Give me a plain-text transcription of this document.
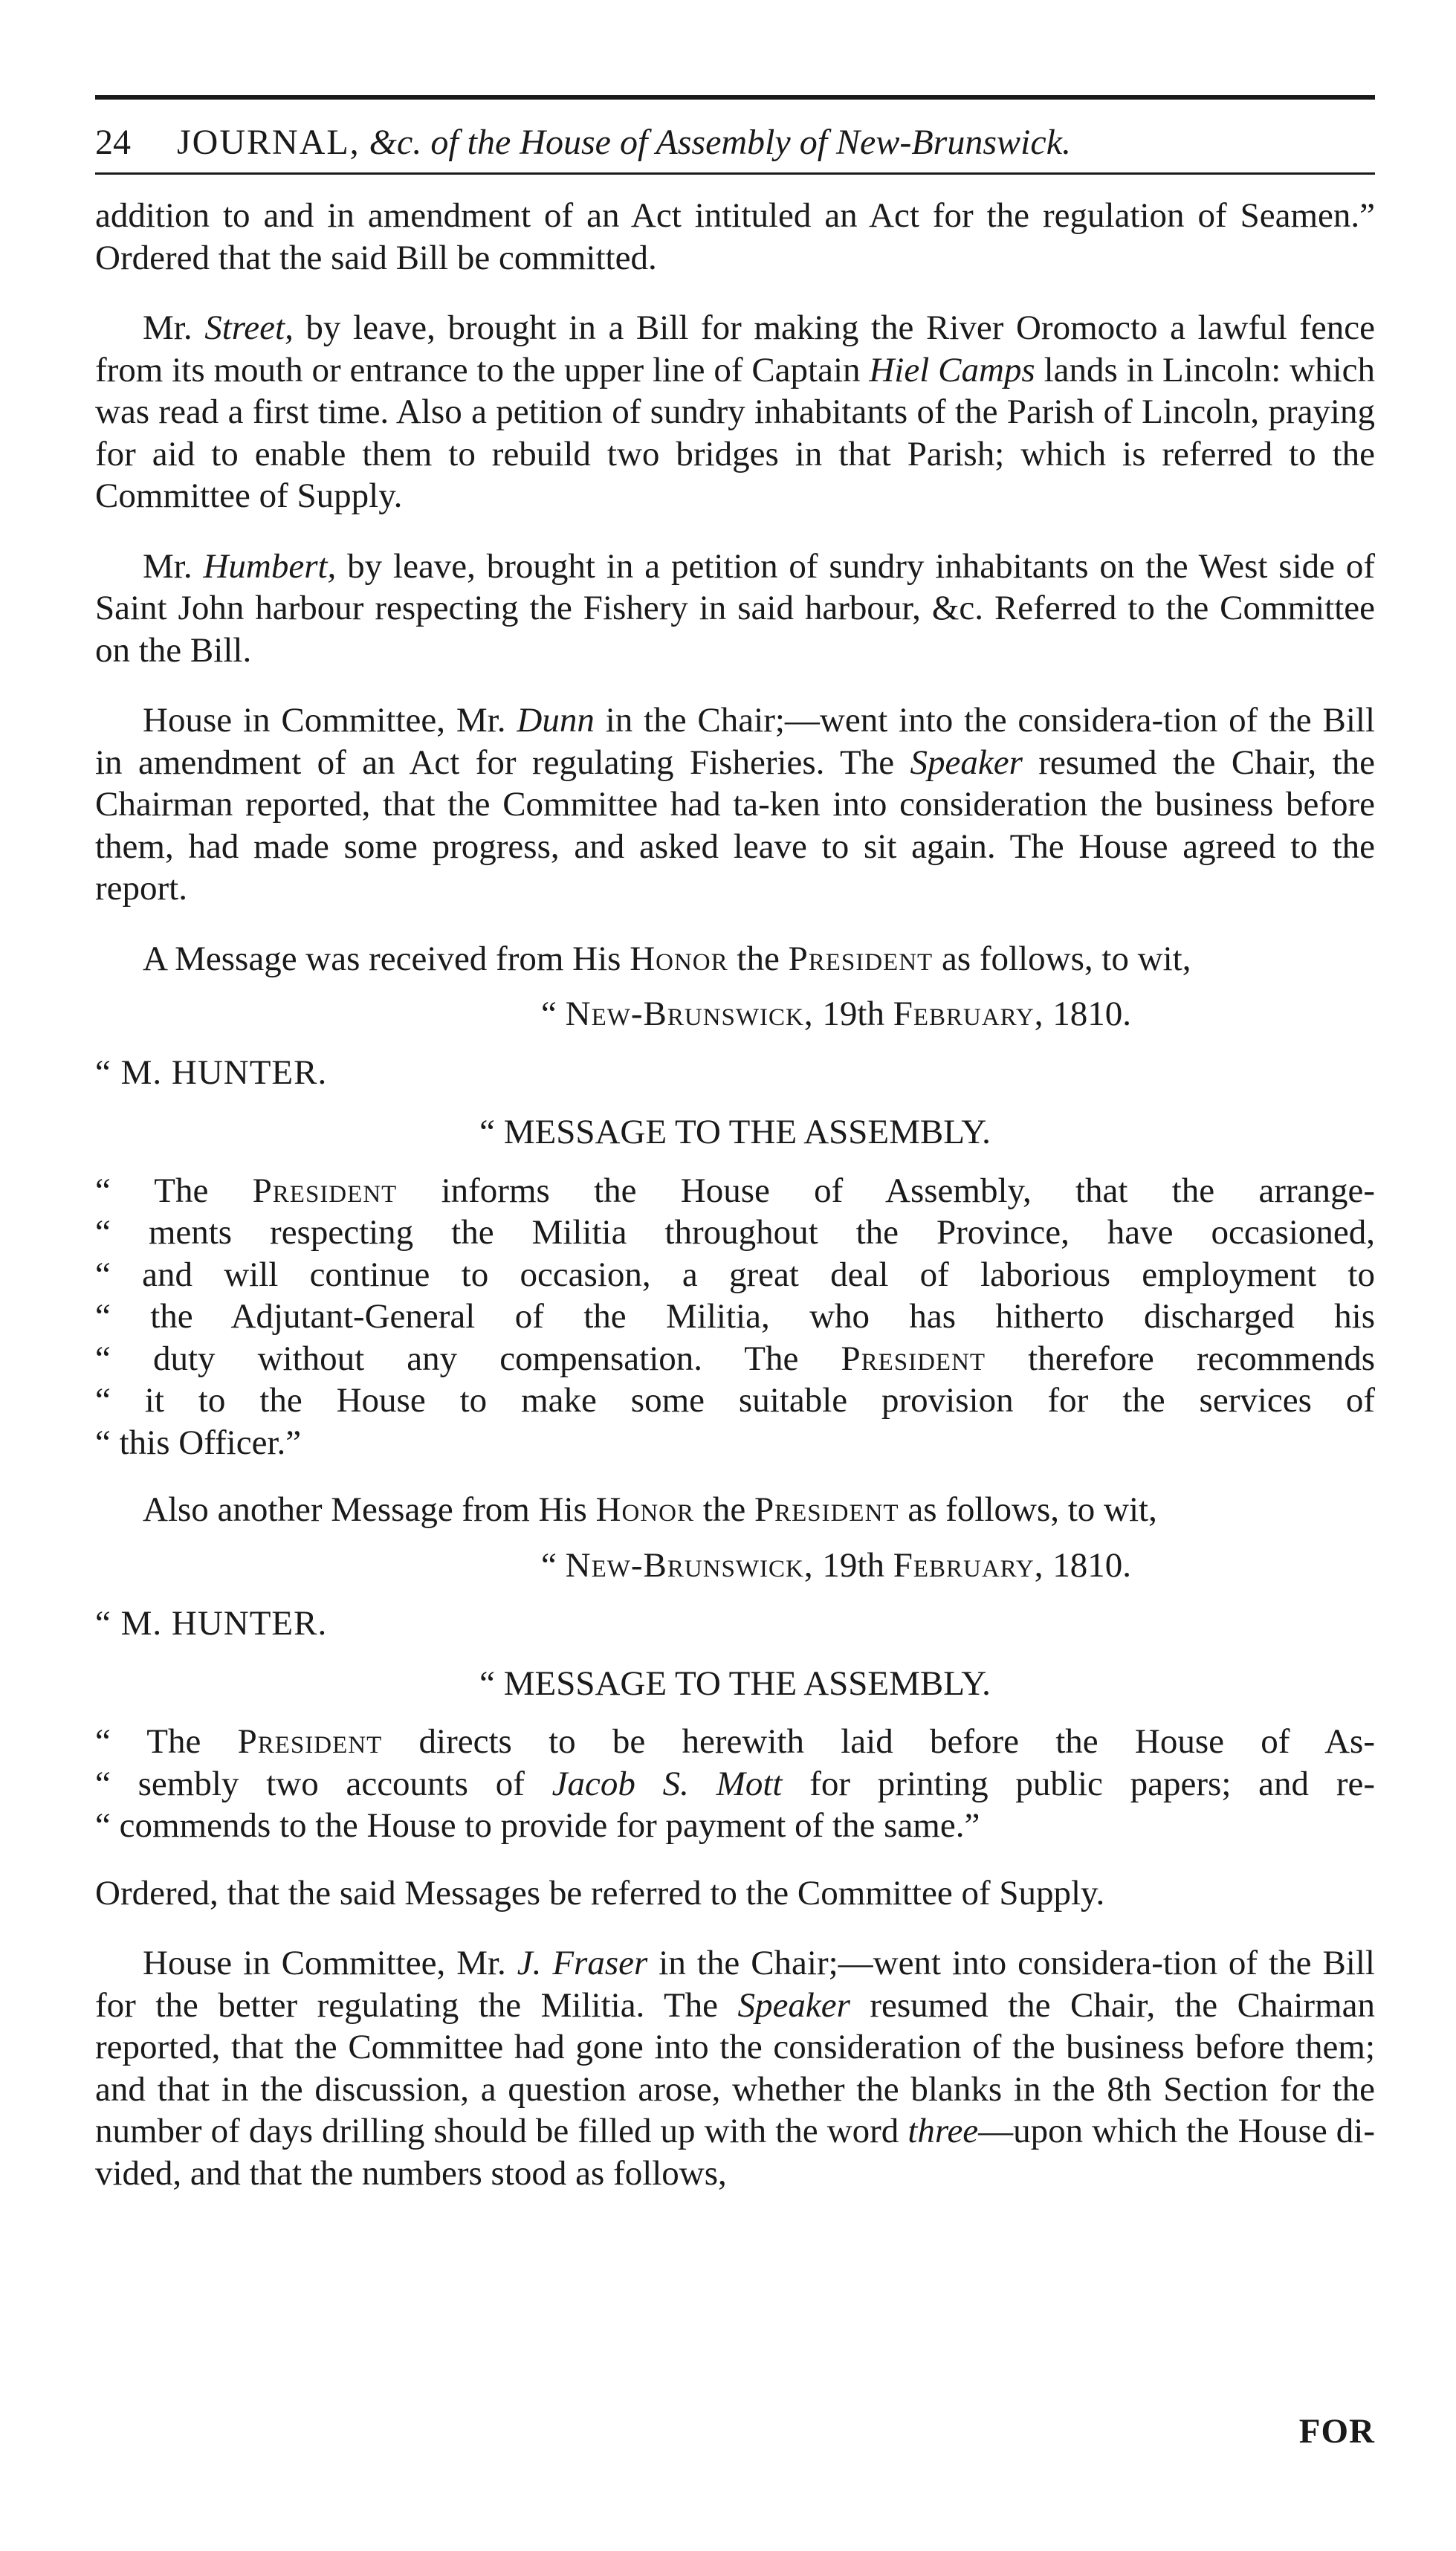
24 JOURNAL, &c. of the House of Assembly of New-Brunswick.

addition to and in amendment of an Act intituled an Act for the regulation of Seamen.” Ordered that the said Bill be committed.

Mr. Street, by leave, brought in a Bill for making the River Oromocto a lawful fence from its mouth or entrance to the upper line of Captain Hiel Camps lands in Lincoln: which was read a first time. Also a petition of sundry inhabitants of the Parish of Lincoln, praying for aid to enable them to rebuild two bridges in that Parish; which is referred to the Committee of Supply.

Mr. Humbert, by leave, brought in a petition of sundry inhabitants on the West side of Saint John harbour respecting the Fishery in said harbour, &c. Referred to the Committee on the Bill.

House in Committee, Mr. Dunn in the Chair;—went into the considera-tion of the Bill in amendment of an Act for regulating Fisheries. The Speaker resumed the Chair, the Chairman reported, that the Committee had ta-ken into consideration the business before them, had made some progress, and asked leave to sit again. The House agreed to the report.

A Message was received from His Honor the President as follows, to wit,

“ New-Brunswick, 19th February, 1810.
“ M. HUNTER.
“ MESSAGE TO THE ASSEMBLY.
“ The President informs the House of Assembly, that the arrange-
“ ments respecting the Militia throughout the Province, have occasioned,
“ and will continue to occasion, a great deal of laborious employment to
“ the Adjutant-General of the Militia, who has hitherto discharged his
“ duty without any compensation. The President therefore recommends
“ it to the House to make some suitable provision for the services of
“ this Officer.”

Also another Message from His Honor the President as follows, to wit,

“ New-Brunswick, 19th February, 1810.
“ M. HUNTER.
“ MESSAGE TO THE ASSEMBLY.
“ The President directs to be herewith laid before the House of As-
“ sembly two accounts of Jacob S. Mott for printing public papers; and re-
“ commends to the House to provide for payment of the same.”

Ordered, that the said Messages be referred to the Committee of Supply.

House in Committee, Mr. J. Fraser in the Chair;—went into considera-tion of the Bill for the better regulating the Militia. The Speaker resumed the Chair, the Chairman reported, that the Committee had gone into the consideration of the business before them; and that in the discussion, a question arose, whether the blanks in the 8th Section for the number of days drilling should be filled up with the word three—upon which the House di-vided, and that the numbers stood as follows,

FOR
